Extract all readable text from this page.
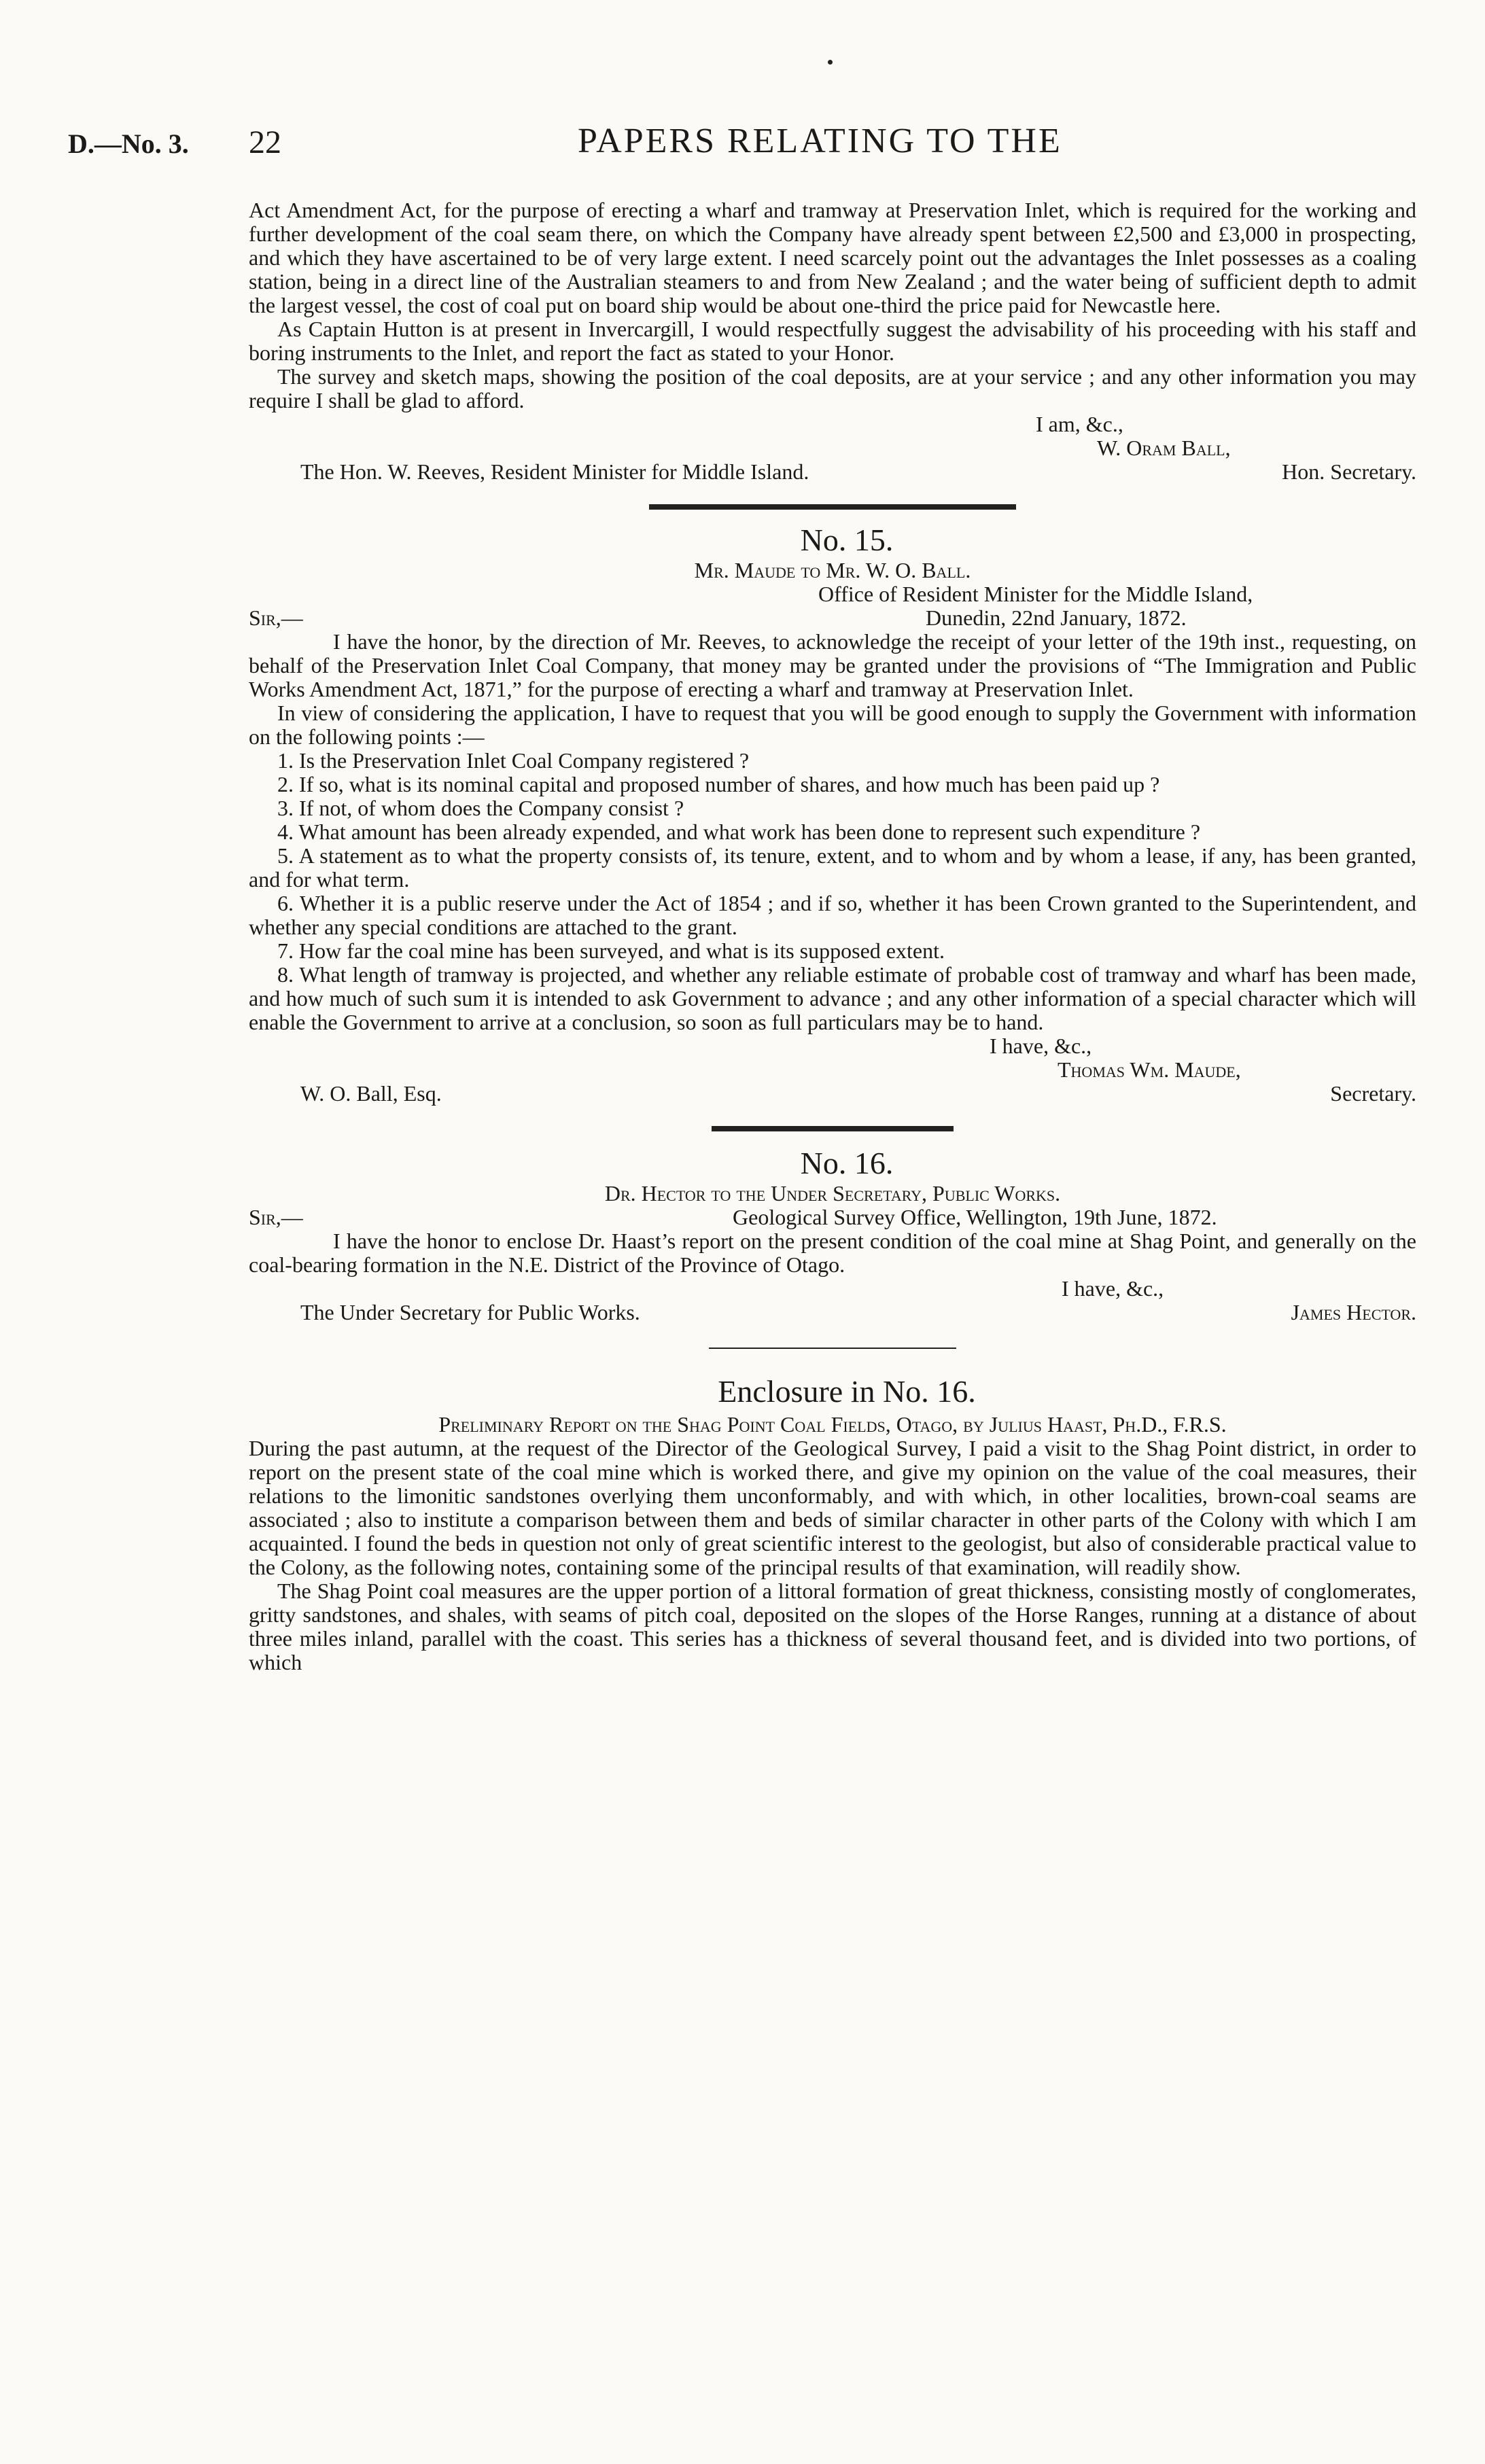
D.—No. 3. 22	PAPERS RELATING TO THE

Act Amendment Act, for the purpose of erecting a wharf and tramway at Preservation Inlet, which is required for the working and further development of the coal seam there, on which the Company have already spent between £2,500 and £3,000 in prospecting, and which they have ascertained to be of very large extent. I need scarcely point out the advantages the Inlet possesses as a coaling station, being in a direct line of the Australian steamers to and from New Zealand ; and the water being of sufficient depth to admit the largest vessel, the cost of coal put on board ship would be about one-third the price paid for Newcastle here.

As Captain Hutton is at present in Invercargill, I would respectfully suggest the advisability of his proceeding with his staff and boring instruments to the Inlet, and report the fact as stated to your Honor.

The survey and sketch maps, showing the position of the coal deposits, are at your service ; and any other information you may require I shall be glad to afford.

I am, &c.,
W. Oram Ball,
The Hon. W. Reeves, Resident Minister for Middle Island.	Hon. Secretary.

No. 15.

Mr. Maude to Mr. W. O. Ball.

Office of Resident Minister for the Middle Island,
Sir,—	Dunedin, 22nd January, 1872.

I have the honor, by the direction of Mr. Reeves, to acknowledge the receipt of your letter of the 19th inst., requesting, on behalf of the Preservation Inlet Coal Company, that money may be granted under the provisions of “The Immigration and Public Works Amendment Act, 1871,” for the purpose of erecting a wharf and tramway at Preservation Inlet.

In view of considering the application, I have to request that you will be good enough to supply the Government with information on the following points :—

1. Is the Preservation Inlet Coal Company registered ?

2. If so, what is its nominal capital and proposed number of shares, and how much has been paid up ?

3. If not, of whom does the Company consist ?

4. What amount has been already expended, and what work has been done to represent such expenditure ?

5. A statement as to what the property consists of, its tenure, extent, and to whom and by whom a lease, if any, has been granted, and for what term.

6. Whether it is a public reserve under the Act of 1854 ; and if so, whether it has been Crown granted to the Superintendent, and whether any special conditions are attached to the grant.

7. How far the coal mine has been surveyed, and what is its supposed extent.

8. What length of tramway is projected, and whether any reliable estimate of probable cost of tramway and wharf has been made, and how much of such sum it is intended to ask Government to advance ; and any other information of a special character which will enable the Government to arrive at a conclusion, so soon as full particulars may be to hand.

I have, &c.,
Thomas Wm. Maude,
W. O. Ball, Esq.	Secretary.

No. 16.

Dr. Hector to the Under Secretary, Public Works.

Sir,—	Geological Survey Office, Wellington, 19th June, 1872.

I have the honor to enclose Dr. Haast’s report on the present condition of the coal mine at Shag Point, and generally on the coal-bearing formation in the N.E. District of the Province of Otago.

I have, &c.,
The Under Secretary for Public Works.	James Hector.

Enclosure in No. 16.

Preliminary Report on the Shag Point Coal Fields, Otago, by Julius Haast, Ph.D., F.R.S.

During the past autumn, at the request of the Director of the Geological Survey, I paid a visit to the Shag Point district, in order to report on the present state of the coal mine which is worked there, and give my opinion on the value of the coal measures, their relations to the limonitic sandstones overlying them unconformably, and with which, in other localities, brown-coal seams are associated ; also to institute a comparison between them and beds of similar character in other parts of the Colony with which I am acquainted. I found the beds in question not only of great scientific interest to the geologist, but also of considerable practical value to the Colony, as the following notes, containing some of the principal results of that examination, will readily show.

The Shag Point coal measures are the upper portion of a littoral formation of great thickness, consisting mostly of conglomerates, gritty sandstones, and shales, with seams of pitch coal, deposited on the slopes of the Horse Ranges, running at a distance of about three miles inland, parallel with the coast. This series has a thickness of several thousand feet, and is divided into two portions, of which
